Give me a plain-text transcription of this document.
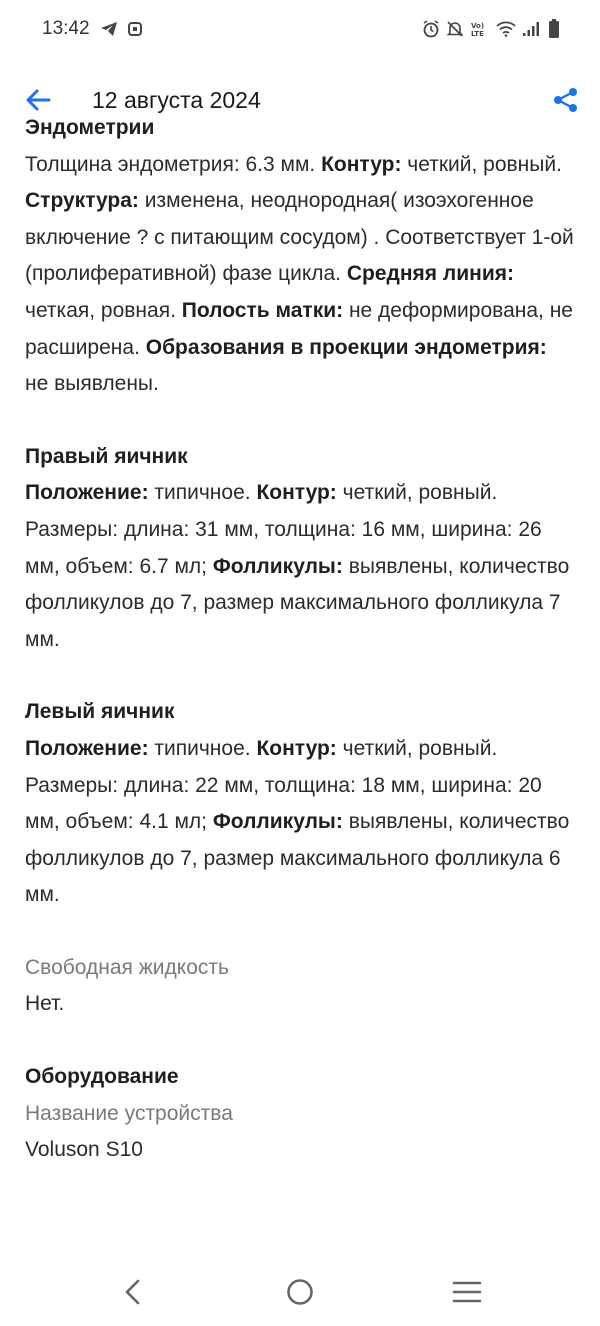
13:42	Vo)
LTE
12 августа 2024

Эндометрии
Толщина эндометрия: 6.3 мм. Контур: четкий, ровный. Структура: изменена, неоднородная( изоэхогенное включение ? с питающим сосудом) . Соответствует 1-ой (пролиферативной) фазе цикла. Средняя линия: четкая, ровная. Полость матки: не деформирована, не расширена. Образования в проекции эндометрия: не выявлены.

Правый яичник
Положение: типичное. Контур: четкий, ровный. Размеры: длина: 31 мм, толщина: 16 мм, ширина: 26 мм, объем: 6.7 мл; Фолликулы: выявлены, количество фолликулов до 7, размер максимального фолликула 7 мм.

Левый яичник
Положение: типичное. Контур: четкий, ровный. Размеры: длина: 22 мм, толщина: 18 мм, ширина: 20 мм, объем: 4.1 мл; Фолликулы: выявлены, количество фолликулов до 7, размер максимального фолликула 6 мм.

Свободная жидкость
Нет.

Оборудование
Название устройства
Voluson S10
